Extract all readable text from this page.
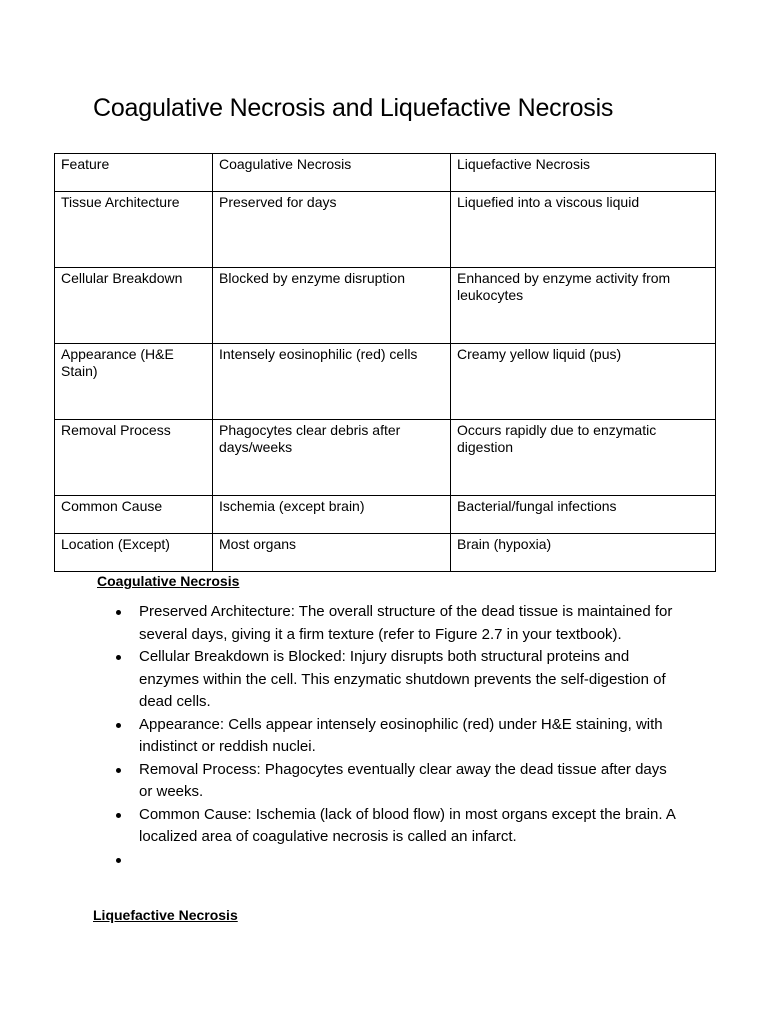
Coagulative Necrosis and Liquefactive Necrosis
Feature	Coagulative Necrosis	Liquefactive Necrosis
Tissue Architecture	Preserved for days	Liquefied into a viscous liquid
Cellular Breakdown	Blocked by enzyme disruption	Enhanced by enzyme activity from leukocytes
Appearance (H&E Stain)	Intensely eosinophilic (red) cells	Creamy yellow liquid (pus)
Removal Process	Phagocytes clear debris after days/weeks	Occurs rapidly due to enzymatic digestion
Common Cause	Ischemia (except brain)	Bacterial/fungal infections
Location (Except)	Most organs	Brain (hypoxia)
Coagulative Necrosis
Preserved Architecture: The overall structure of the dead tissue is maintained for several days, giving it a firm texture (refer to Figure 2.7 in your textbook).
Cellular Breakdown is Blocked: Injury disrupts both structural proteins and enzymes within the cell. This enzymatic shutdown prevents the self-digestion of dead cells.
Appearance: Cells appear intensely eosinophilic (red) under H&E staining, with indistinct or reddish nuclei.
Removal Process: Phagocytes eventually clear away the dead tissue after days or weeks.
Common Cause: Ischemia (lack of blood flow) in most organs except the brain. A localized area of coagulative necrosis is called an infarct.
Liquefactive Necrosis
